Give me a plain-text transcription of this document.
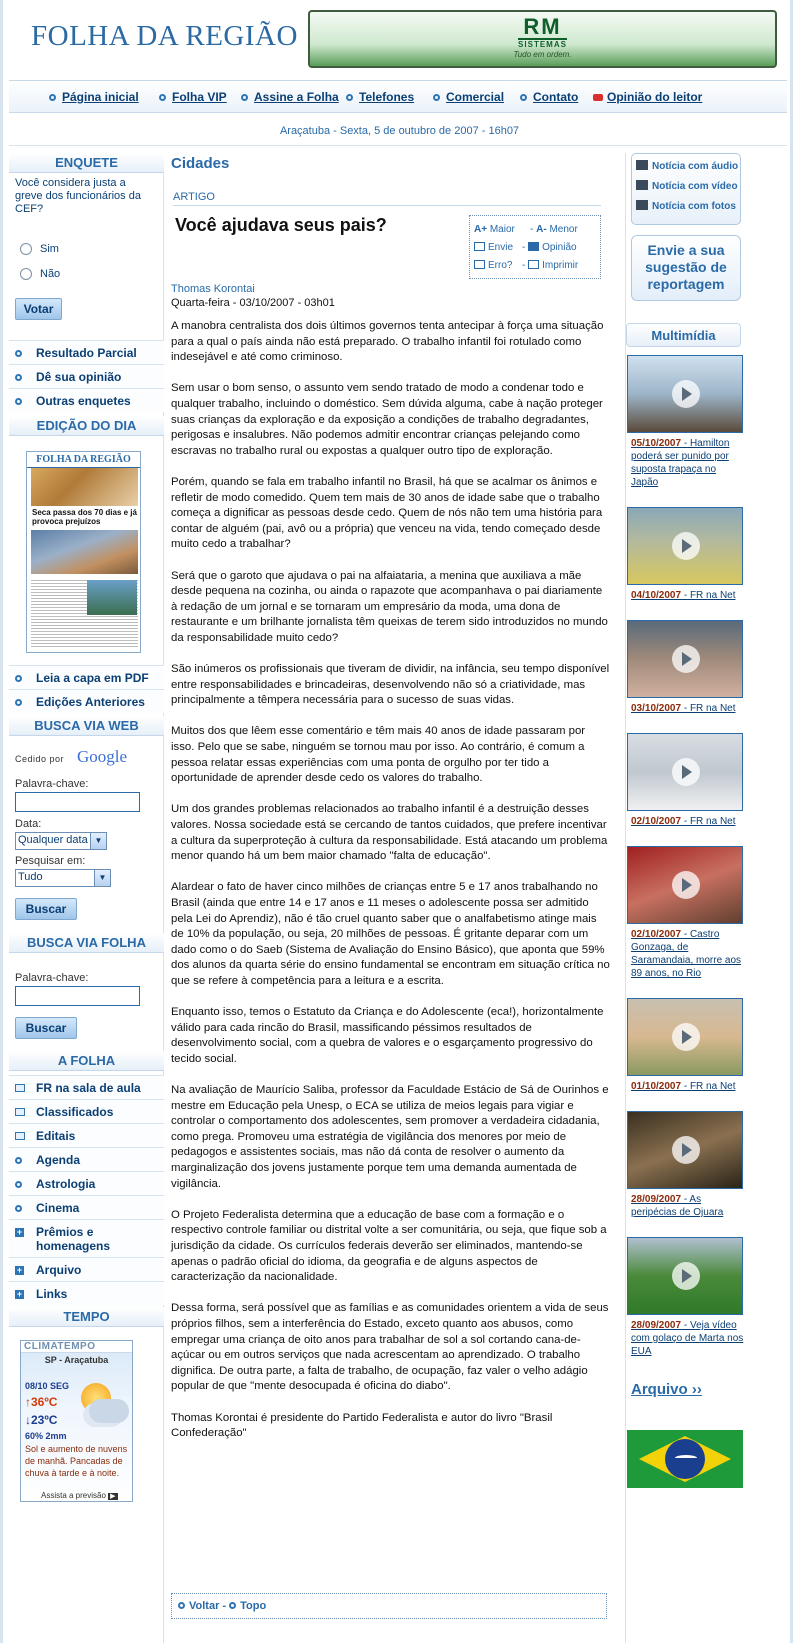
FOLHA DA REGIÃO	RM
SISTEMAS
Tudo em ordem.
Página inicial	Folha VIP	Assine a Folha	Telefones	Comercial	Contato	Opinião do leitor
Araçatuba - Sexta, 5 de outubro de 2007 - 16h07
ENQUETE
Você considera justa a greve dos funcionários da CEF?
Sim
Não
Votar
Resultado Parcial
Dê sua opinião
Outras enquetes
EDIÇÃO DO DIA
FOLHA DA REGIÃO
Seca passa dos 70 dias e já provoca prejuízos
Leia a capa em PDF
Edições Anteriores
BUSCA VIA WEB
Cedido por Google
Palavra-chave:
Data:
Qualquer data ▼
Pesquisar em:
Tudo	▼
Buscar
BUSCA VIA FOLHA
Palavra-chave:
Buscar
A FOLHA
FR na sala de aula
Classificados
Editais
Agenda
Astrologia
Cinema
+ Prêmios e homenagens
+ Arquivo
+ Links
TEMPO
CLIMATEMPO
SP - Araçatuba
08/10 SEG
↑36ºC
↓23ºC
60% 2mm
Sol e aumento de nuvens de manhã. Pancadas de chuva à tarde e à noite.
Assista a previsão ▶
Cidades
ARTIGO
Você ajudava seus pais?	A+ Maior - A- Menor
Envie - Opinião
Erro? - Imprimir
Thomas Korontai
Quarta-feira - 03/10/2007 - 03h01

A manobra centralista dos dois últimos governos tenta antecipar à força uma situação para a qual o país ainda não está preparado. O trabalho infantil foi rotulado como indesejável e até como criminoso.

Sem usar o bom senso, o assunto vem sendo tratado de modo a condenar todo e qualquer trabalho, incluindo o doméstico. Sem dúvida alguma, cabe à nação proteger suas crianças da exploração e da exposição a condições de trabalho degradantes, perigosas e insalubres. Não podemos admitir encontrar crianças pelejando como escravas no trabalho rural ou expostas a qualquer outro tipo de exploração.

Porém, quando se fala em trabalho infantil no Brasil, há que se acalmar os ânimos e refletir de modo comedido. Quem tem mais de 30 anos de idade sabe que o trabalho começa a dignificar as pessoas desde cedo. Quem de nós não tem uma história para contar de alguém (pai, avô ou a própria) que venceu na vida, tendo começado desde muito cedo a trabalhar?

Será que o garoto que ajudava o pai na alfaiataria, a menina que auxiliava a mãe desde pequena na cozinha, ou ainda o rapazote que acompanhava o pai diariamente à redação de um jornal e se tornaram um empresário da moda, uma dona de restaurante e um brilhante jornalista têm queixas de terem sido introduzidos no mundo da responsabilidade muito cedo?

São inúmeros os profissionais que tiveram de dividir, na infância, seu tempo disponível entre responsabilidades e brincadeiras, desenvolvendo não só a criatividade, mas principalmente a têmpera necessária para o sucesso de suas vidas.

Muitos dos que lêem esse comentário e têm mais 40 anos de idade passaram por isso. Pelo que se sabe, ninguém se tornou mau por isso. Ao contrário, é comum a pessoa relatar essas experiências com uma ponta de orgulho por ter tido a oportunidade de aprender desde cedo os valores do trabalho.

Um dos grandes problemas relacionados ao trabalho infantil é a destruição desses valores. Nossa sociedade está se cercando de tantos cuidados, que prefere incentivar a cultura da superproteção à cultura da responsabilidade. Está atacando um problema menor quando há um bem maior chamado "falta de educação".

Alardear o fato de haver cinco milhões de crianças entre 5 e 17 anos trabalhando no Brasil (ainda que entre 14 e 17 anos e 11 meses o adolescente possa ser admitido pela Lei do Aprendiz), não é tão cruel quanto saber que o analfabetismo atinge mais de 10% da população, ou seja, 20 milhões de pessoas. É gritante deparar com um dado como o do Saeb (Sistema de Avaliação do Ensino Básico), que aponta que 59% dos alunos da quarta série do ensino fundamental se encontram em situação crítica no que se refere à competência para a leitura e a escrita.

Enquanto isso, temos o Estatuto da Criança e do Adolescente (eca!), horizontalmente válido para cada rincão do Brasil, massificando péssimos resultados de desenvolvimento social, com a quebra de valores e o esgarçamento progressivo do tecido social.

Na avaliação de Maurício Saliba, professor da Faculdade Estácio de Sá de Ourinhos e mestre em Educação pela Unesp, o ECA se utiliza de meios legais para vigiar e controlar o comportamento dos adolescentes, sem promover a verdadeira cidadania, como prega. Promoveu uma estratégia de vigilância dos menores por meio de pedagogos e assistentes sociais, mas não dá conta de resolver o aumento da marginalização dos jovens justamente porque tem uma demanda aumentada de vigilância.

O Projeto Federalista determina que a educação de base com a formação e o respectivo controle familiar ou distrital volte a ser comunitária, ou seja, que fique sob a jurisdição da cidade. Os currículos federais deverão ser eliminados, mantendo-se apenas o padrão oficial do idioma, da geografia e de alguns aspectos de caracterização da nacionalidade.

Dessa forma, será possível que as famílias e as comunidades orientem a vida de seus próprios filhos, sem a interferência do Estado, exceto quanto aos abusos, como empregar uma criança de oito anos para trabalhar de sol a sol cortando cana-de-açúcar ou em outros serviços que nada acrescentam ao aprendizado. O trabalho dignifica. De outra parte, a falta de trabalho, de ocupação, faz valer o velho adágio popular de que "mente desocupada é oficina do diabo".

Thomas Korontai é presidente do Partido Federalista e autor do livro "Brasil Confederação"

Voltar - Topo
Notícia com áudio
Notícia com vídeo
Notícia com fotos
Envie a sua sugestão de reportagem
Multimídia
05/10/2007 - Hamilton poderá ser punido por suposta trapaça no Japão
04/10/2007 - FR na Net
03/10/2007 - FR na Net
02/10/2007 - FR na Net
02/10/2007 - Castro Gonzaga, de Saramandaia, morre aos 89 anos, no Rio
01/10/2007 - FR na Net
28/09/2007 - As peripécias de Ojuara
28/09/2007 - Veja vídeo com golaço de Marta nos EUA
Arquivo ››
